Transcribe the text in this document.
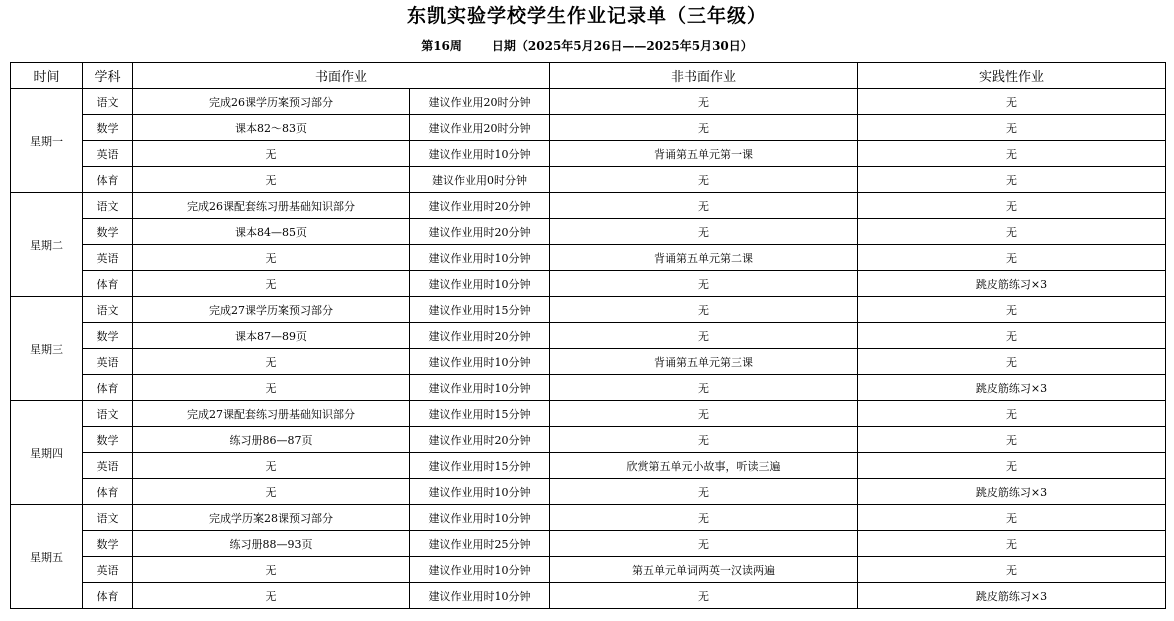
东凯实验学校学生作业记录单（三年级）
第16周	日期（2025年5月26日——2025年5月30日）
时间	学科	书面作业		非书面作业	实践性作业
星期一	语文	完成26课学历案预习部分	建议作业用20时分钟	无	无
	数学	课本82～83页	建议作业用20时分钟	无	无
	英语	无	建议作业用时10分钟	背诵第五单元第一课	无
	体育	无	建议作业用0时分钟	无	无
星期二	语文	完成26课配套练习册基础知识部分	建议作业用时20分钟	无	无
	数学	课本84—85页	建议作业用时20分钟	无	无
	英语	无	建议作业用时10分钟	背诵第五单元第二课	无
	体育	无	建议作业用时10分钟	无	跳皮筋练习×3
星期三	语文	完成27课学历案预习部分	建议作业用时15分钟	无	无
	数学	课本87—89页	建议作业用时20分钟	无	无
	英语	无	建议作业用时10分钟	背诵第五单元第三课	无
	体育	无	建议作业用时10分钟	无	跳皮筋练习×3
星期四	语文	完成27课配套练习册基础知识部分	建议作业用时15分钟	无	无
	数学	练习册86—87页	建议作业用时20分钟	无	无
	英语	无	建议作业用时15分钟	欣赏第五单元小故事，听读三遍	无
	体育	无	建议作业用时10分钟	无	跳皮筋练习×3
星期五	语文	完成学历案28课预习部分	建议作业用时10分钟	无	无
	数学	练习册88—93页	建议作业用时25分钟	无	无
	英语	无	建议作业用时10分钟	第五单元单词两英一汉读两遍	无
	体育	无	建议作业用时10分钟	无	跳皮筋练习×3
